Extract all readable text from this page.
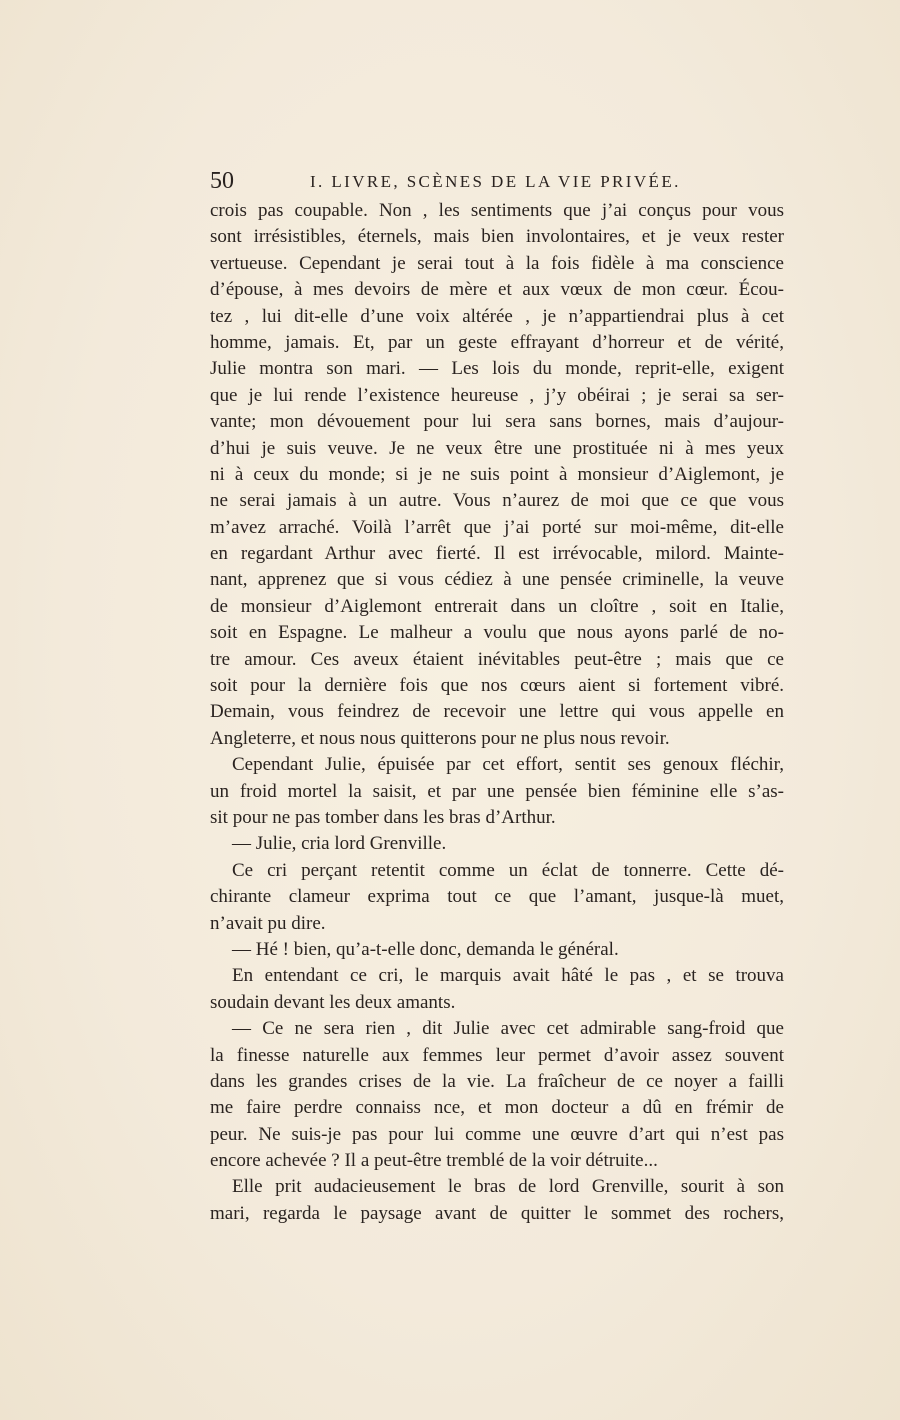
50	I. LIVRE, SCÈNES DE LA VIE PRIVÉE.
crois pas coupable. Non , les sentiments que j’ai conçus pour vous
sont irrésistibles, éternels, mais bien involontaires, et je veux rester
vertueuse. Cependant je serai tout à la fois fidèle à ma conscience
d’épouse, à mes devoirs de mère et aux vœux de mon cœur. Écou-
tez , lui dit-elle d’une voix altérée , je n’appartiendrai plus à cet
homme, jamais. Et, par un geste effrayant d’horreur et de vérité,
Julie montra son mari. — Les lois du monde, reprit-elle, exigent
que je lui rende l’existence heureuse , j’y obéirai ; je serai sa ser-
vante; mon dévouement pour lui sera sans bornes, mais d’aujour-
d’hui je suis veuve. Je ne veux être une prostituée ni à mes yeux
ni à ceux du monde; si je ne suis point à monsieur d’Aiglemont, je
ne serai jamais à un autre. Vous n’aurez de moi que ce que vous
m’avez arraché. Voilà l’arrêt que j’ai porté sur moi-même, dit-elle
en regardant Arthur avec fierté. Il est irrévocable, milord. Mainte-
nant, apprenez que si vous cédiez à une pensée criminelle, la veuve
de monsieur d’Aiglemont entrerait dans un cloître , soit en Italie,
soit en Espagne. Le malheur a voulu que nous ayons parlé de no-
tre amour. Ces aveux étaient inévitables peut-être ; mais que ce
soit pour la dernière fois que nos cœurs aient si fortement vibré.
Demain, vous feindrez de recevoir une lettre qui vous appelle en
Angleterre, et nous nous quitterons pour ne plus nous revoir.
Cependant Julie, épuisée par cet effort, sentit ses genoux fléchir,
un froid mortel la saisit, et par une pensée bien féminine elle s’as-
sit pour ne pas tomber dans les bras d’Arthur.
— Julie, cria lord Grenville.
Ce cri perçant retentit comme un éclat de tonnerre. Cette dé-
chirante clameur exprima tout ce que l’amant, jusque-là muet,
n’avait pu dire.
— Hé ! bien, qu’a-t-elle donc, demanda le général.
En entendant ce cri, le marquis avait hâté le pas , et se trouva
soudain devant les deux amants.
— Ce ne sera rien , dit Julie avec cet admirable sang-froid que
la finesse naturelle aux femmes leur permet d’avoir assez souvent
dans les grandes crises de la vie. La fraîcheur de ce noyer a failli
me faire perdre connaiss nce, et mon docteur a dû en frémir de
peur. Ne suis-je pas pour lui comme une œuvre d’art qui n’est pas
encore achevée ? Il a peut-être tremblé de la voir détruite...
Elle prit audacieusement le bras de lord Grenville, sourit à son
mari, regarda le paysage avant de quitter le sommet des rochers,
